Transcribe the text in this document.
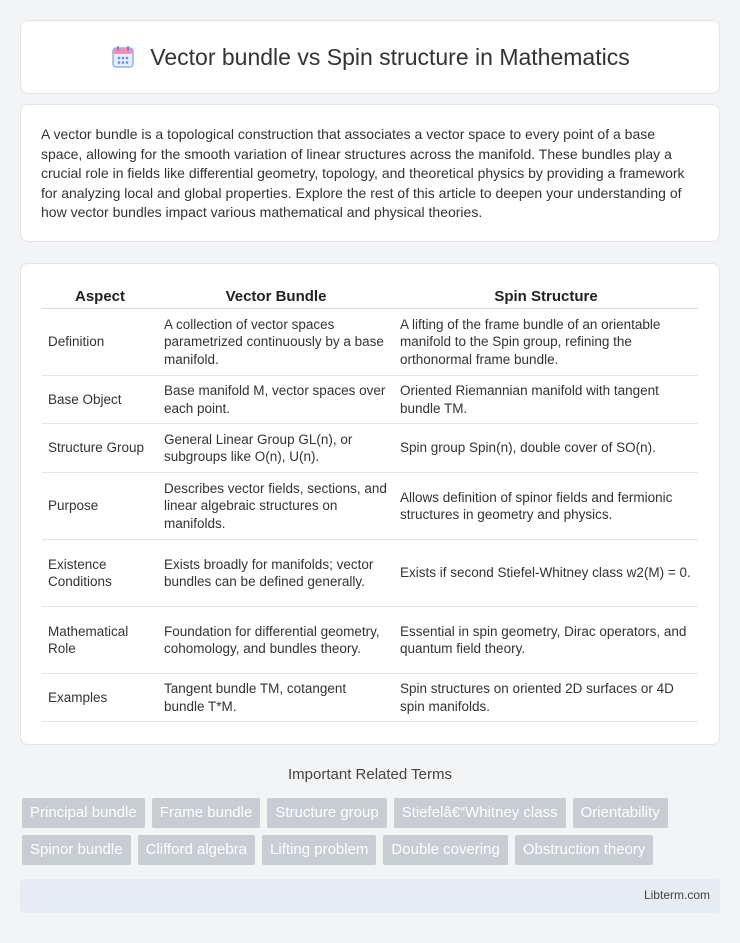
Vector bundle vs Spin structure in Mathematics

A vector bundle is a topological construction that associates a vector space to every point of a base space, allowing for the smooth variation of linear structures across the manifold. These bundles play a crucial role in fields like differential geometry, topology, and theoretical physics by providing a framework for analyzing local and global properties. Explore the rest of this article to deepen your understanding of how vector bundles impact various mathematical and physical theories.

Aspect	Vector Bundle	Spin Structure
Definition	A collection of vector spaces parametrized continuously by a base manifold.	A lifting of the frame bundle of an orientable manifold to the Spin group, refining the orthonormal frame bundle.
Base Object	Base manifold M, vector spaces over each point.	Oriented Riemannian manifold with tangent bundle TM.
Structure Group	General Linear Group GL(n), or subgroups like O(n), U(n).	Spin group Spin(n), double cover of SO(n).
Purpose	Describes vector fields, sections, and linear algebraic structures on manifolds.	Allows definition of spinor fields and fermionic structures in geometry and physics.
Existence Conditions	Exists broadly for manifolds; vector bundles can be defined generally.	Exists if second Stiefel-Whitney class w2(M) = 0.
Mathematical Role	Foundation for differential geometry, cohomology, and bundles theory.	Essential in spin geometry, Dirac operators, and quantum field theory.
Examples	Tangent bundle TM, cotangent bundle T*M.	Spin structures on oriented 2D surfaces or 4D spin manifolds.
Important Related Terms
Principal bundle	Frame bundle	Structure group	Stiefelâ€“Whitney class	Orientability
Spinor bundle	Clifford algebra	Lifting problem	Double covering	Obstruction theory
Libterm.com
